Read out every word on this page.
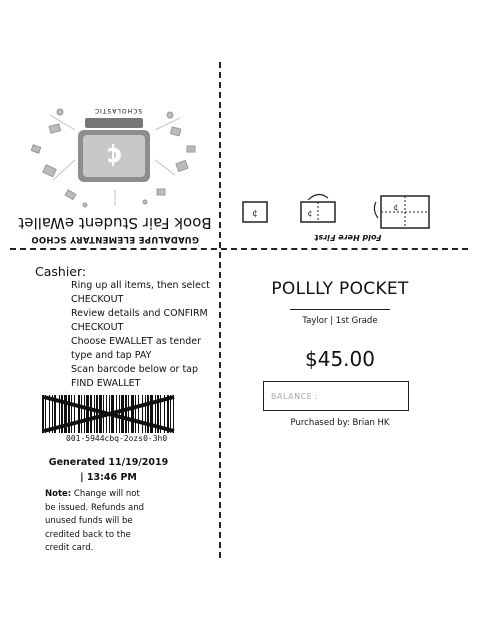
GUADALUPE ELEMENTARY SCHOO
Book Fair Student eWallet
¢
SCHOLASTIC
¢	¢
¢
Fold Here First
Cashier:
Ring up all items, then select CHECKOUT
Review details and CONFIRM CHECKOUT
Choose EWALLET as tender type and tap PAY
Scan barcode below or tap FIND EWALLET
001-5944cbq-2ozs0-3h0
Generated 11/19/2019 | 13:46 PM
Note: Change will not be issued. Refunds and unused funds will be credited back to the credit card.
POLLLY POCKET
Taylor | 1st Grade
$45.00
BALANCE :
Purchased by: Brian HK
